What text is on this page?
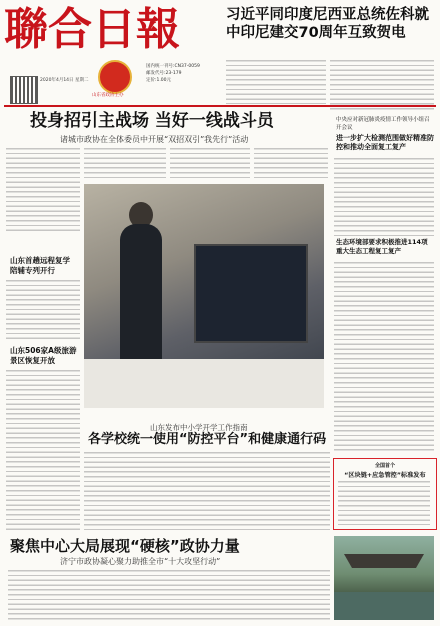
聯合日報
2020年4月14日 星期二
山东省政协主办
国内统一刊号:CN37-0059
邮发代号:23-179
定价:1.00元
习近平同印度尼西亚总统佐科就中印尼建交70周年互致贺电
投身招引主战场 当好一线战斗员
诸城市政协在全体委员中开展“双招双引”我先行”活动
中央应对新冠肺炎疫情工作领导小组召开会议
进一步扩大检测范围做好精准防控和推动全面复工复产
生态环境部要求积极推进114项重大生态工程复工复产
山东首趟远程复学 陪辅专列开行
山东506家A级旅游 景区恢复开放
山东发布中小学开学工作指南
各学校统一使用“防控平台”和健康通行码
全国首个
“区块链+应急管控”标准发布
聚焦中心大局展现“硬核”政协力量
济宁市政协凝心聚力助推全市“十大攻坚行动”
